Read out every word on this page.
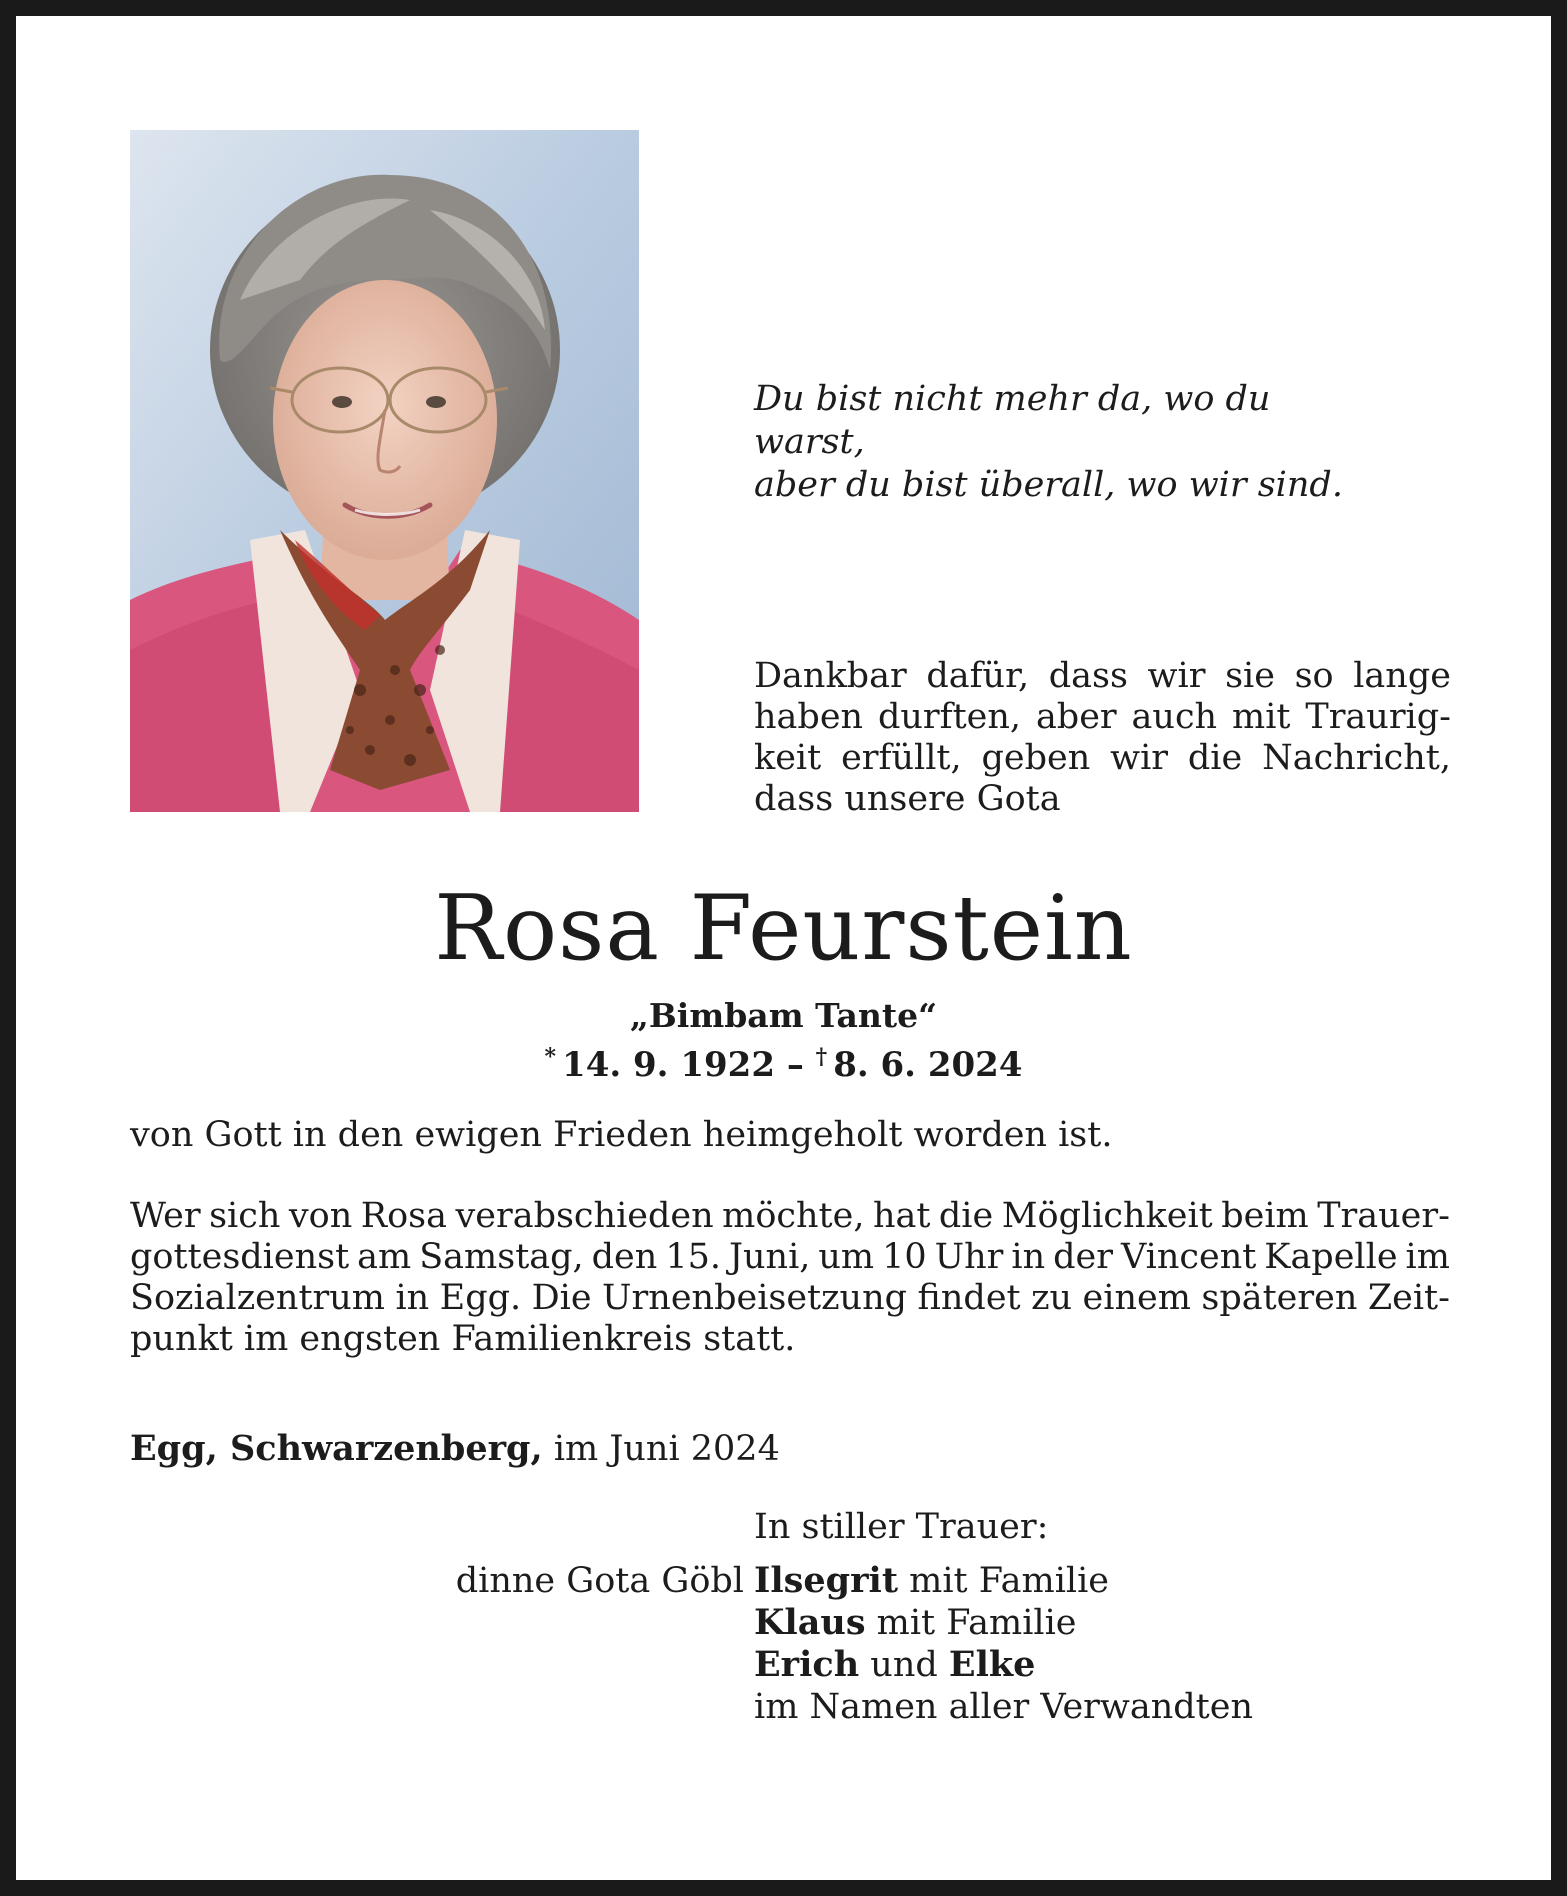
Du bist nicht mehr da, wo du warst,
aber du bist überall, wo wir sind.
Dankbar dafür, dass wir sie so lange
haben durften, aber auch mit Traurig-
keit erfüllt, geben wir die Nachricht,
dass unsere Gota
Rosa Feurstein
„Bimbam Tante“
* 14. 9. 1922 – † 8. 6. 2024
von Gott in den ewigen Frieden heimgeholt worden ist.
Wer sich von Rosa verabschieden möchte, hat die Möglichkeit beim Trauer-
gottesdienst am Samstag, den 15. Juni, um 10 Uhr in der Vincent Kapelle im
Sozialzentrum in Egg. Die Urnenbeisetzung findet zu einem späteren Zeit-
punkt im engsten Familienkreis statt.
Egg, Schwarzenberg, im Juni 2024
In stiller Trauer:
dinne Gota Göbl Ilsegrit mit Familie
Klaus mit Familie
Erich und Elke
im Namen aller Verwandten
